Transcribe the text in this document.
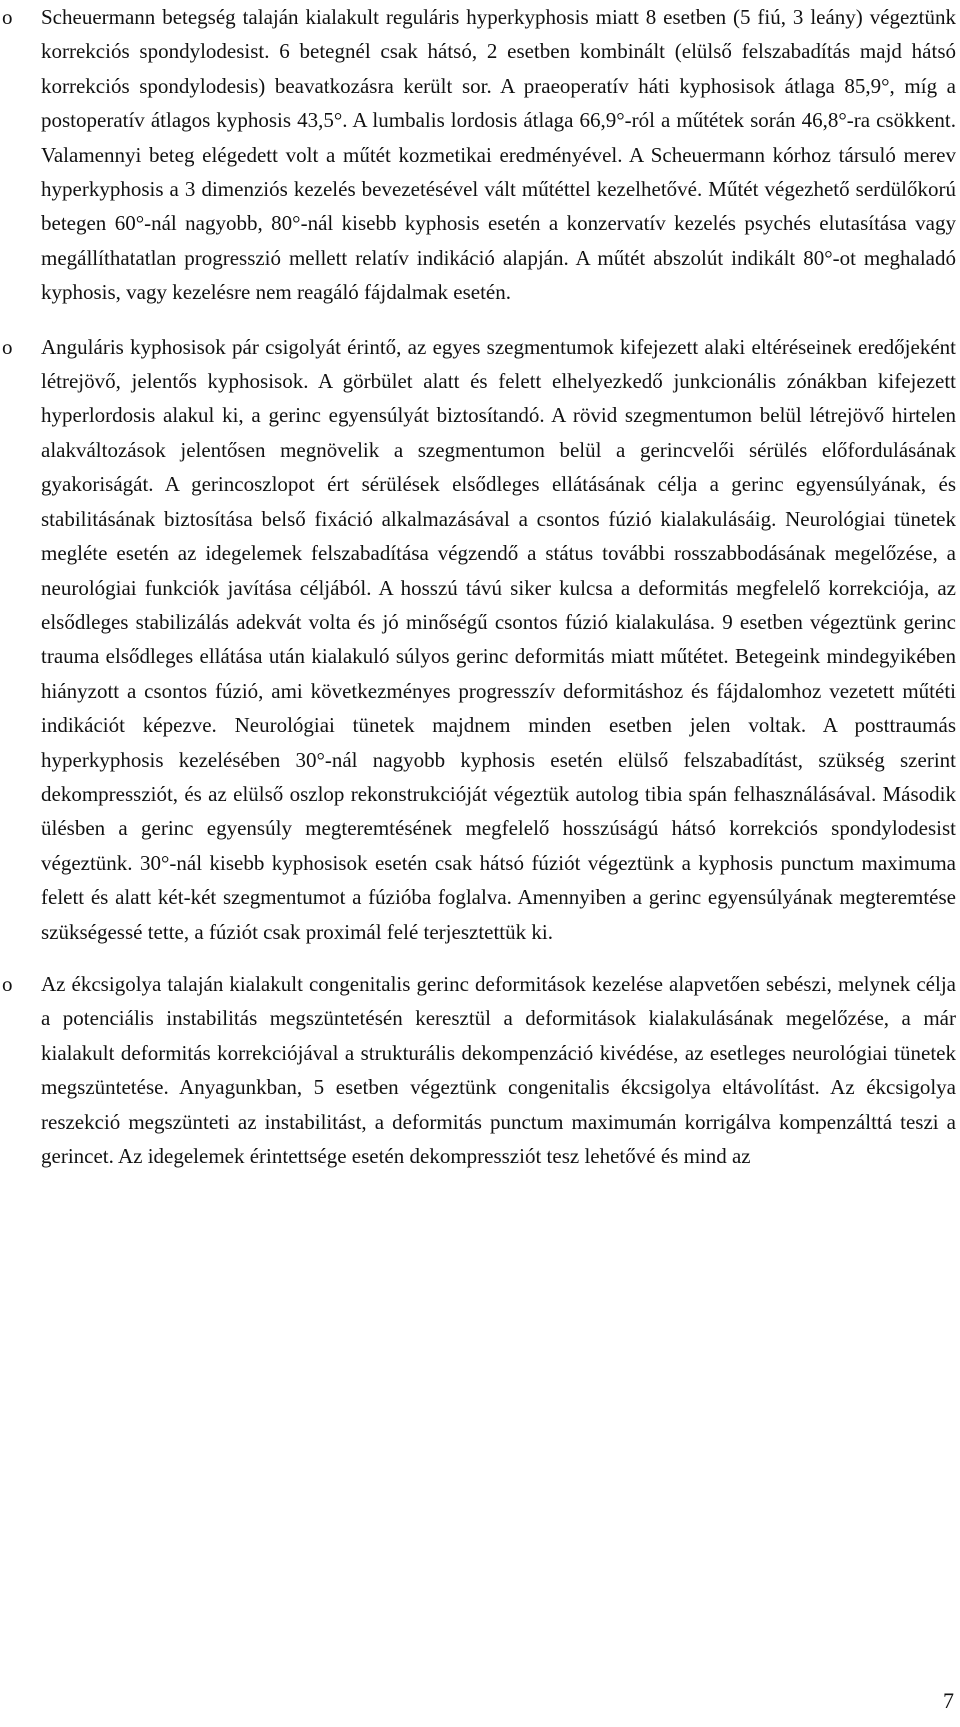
o Scheuermann betegség talaján kialakult reguláris hyperkyphosis miatt 8 esetben (5 fiú, 3 leány) végeztünk korrekciós spondylodesist. 6 betegnél csak hátsó, 2 esetben kombinált (elülső felszabadítás majd hátsó korrekciós spondylodesis) beavatkozásra került sor. A praeoperatív háti kyphosisok átlaga 85,9°, míg a postoperatív átlagos kyphosis 43,5°. A lumbalis lordosis átlaga 66,9°-ról a műtétek során 46,8°-ra csökkent. Valamennyi beteg elégedett volt a műtét kozmetikai eredményével. A Scheuermann kórhoz társuló merev hyperkyphosis a 3 dimenziós kezelés bevezetésével vált műtéttel kezelhetővé. Műtét végezhető serdülőkorú betegen 60°-nál nagyobb, 80°-nál kisebb kyphosis esetén a konzervatív kezelés psychés elutasítása vagy megállíthatatlan progresszió mellett relatív indikáció alapján. A műtét abszolút indikált 80°-ot meghaladó kyphosis, vagy kezelésre nem reagáló fájdalmak esetén.

o Anguláris kyphosisok pár csigolyát érintő, az egyes szegmentumok kifejezett alaki eltéréseinek eredőjeként létrejövő, jelentős kyphosisok. A görbület alatt és felett elhelyezkedő junkcionális zónákban kifejezett hyperlordosis alakul ki, a gerinc egyensúlyát biztosítandó. A rövid szegmentumon belül létrejövő hirtelen alakváltozások jelentősen megnövelik a szegmentumon belül a gerincvelői sérülés előfordulásának gyakoriságát. A gerincoszlopot ért sérülések elsődleges ellátásának célja a gerinc egyensúlyának, és stabilitásának biztosítása belső fixáció alkalmazásával a csontos fúzió kialakulásáig. Neurológiai tünetek megléte esetén az idegelemek felszabadítása végzendő a státus további rosszabbodásának megelőzése, a neurológiai funkciók javítása céljából. A hosszú távú siker kulcsa a deformitás megfelelő korrekciója, az elsődleges stabilizálás adekvát volta és jó minőségű csontos fúzió kialakulása. 9 esetben végeztünk gerinc trauma elsődleges ellátása után kialakuló súlyos gerinc deformitás miatt műtétet. Betegeink mindegyikében hiányzott a csontos fúzió, ami következményes progresszív deformitáshoz és fájdalomhoz vezetett műtéti indikációt képezve. Neurológiai tünetek majdnem minden esetben jelen voltak. A posttraumás hyperkyphosis kezelésében 30°-nál nagyobb kyphosis esetén elülső felszabadítást, szükség szerint dekompressziót, és az elülső oszlop rekonstrukcióját végeztük autolog tibia spán felhasználásával. Második ülésben a gerinc egyensúly megteremtésének megfelelő hosszúságú hátsó korrekciós spondylodesist végeztünk. 30°-nál kisebb kyphosisok esetén csak hátsó fúziót végeztünk a kyphosis punctum maximuma felett és alatt két-két szegmentumot a fúzióba foglalva. Amennyiben a gerinc egyensúlyának megteremtése szükségessé tette, a fúziót csak proximál felé terjesztettük ki.

o Az ékcsigolya talaján kialakult congenitalis gerinc deformitások kezelése alapvetően sebészi, melynek célja a potenciális instabilitás megszüntetésén keresztül a deformitások kialakulásának megelőzése, a már kialakult deformitás korrekciójával a strukturális dekompenzáció kivédése, az esetleges neurológiai tünetek megszüntetése. Anyagunkban, 5 esetben végeztünk congenitalis ékcsigolya eltávolítást. Az ékcsigolya reszekció megszünteti az instabilitást, a deformitás punctum maximumán korrigálva kompenzálttá teszi a gerincet. Az idegelemek érintettsége esetén dekompressziót tesz lehetővé és mind az

7
